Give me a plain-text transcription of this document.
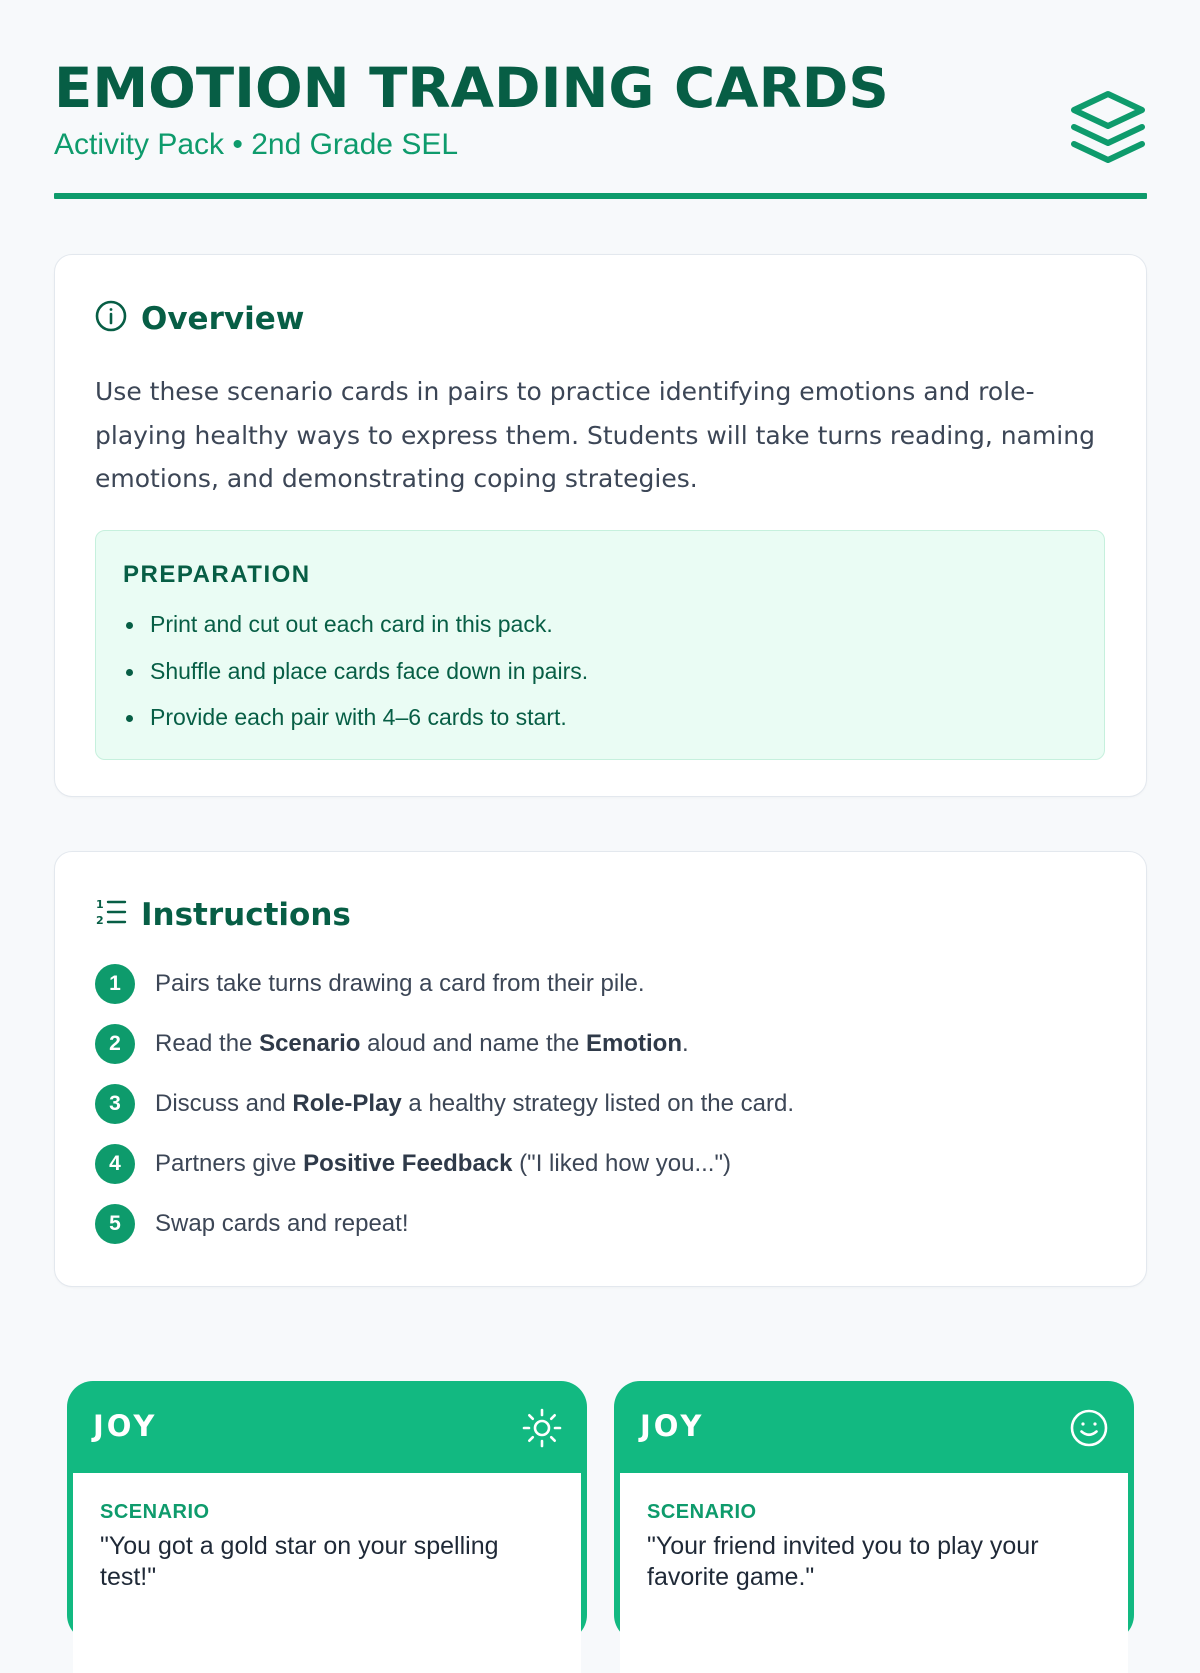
EMOTION TRADING CARDS
Activity Pack • 2nd Grade SEL
Overview
Use these scenario cards in pairs to practice identifying emotions and role-playing healthy ways to express them. Students will take turns reading, naming emotions, and demonstrating coping strategies.
PREPARATION
Print and cut out each card in this pack.
Shuffle and place cards face down in pairs.
Provide each pair with 4–6 cards to start.
1
2 Instructions
1	Pairs take turns drawing a card from their pile.
2	Read the Scenario aloud and name the Emotion.
3	Discuss and Role-Play a healthy strategy listed on the card.
4	Partners give Positive Feedback ("I liked how you...")
5	Swap cards and repeat!
JOY
SCENARIO
"You got a gold star on your spelling test!"
JOY
SCENARIO
"Your friend invited you to play your favorite game."
